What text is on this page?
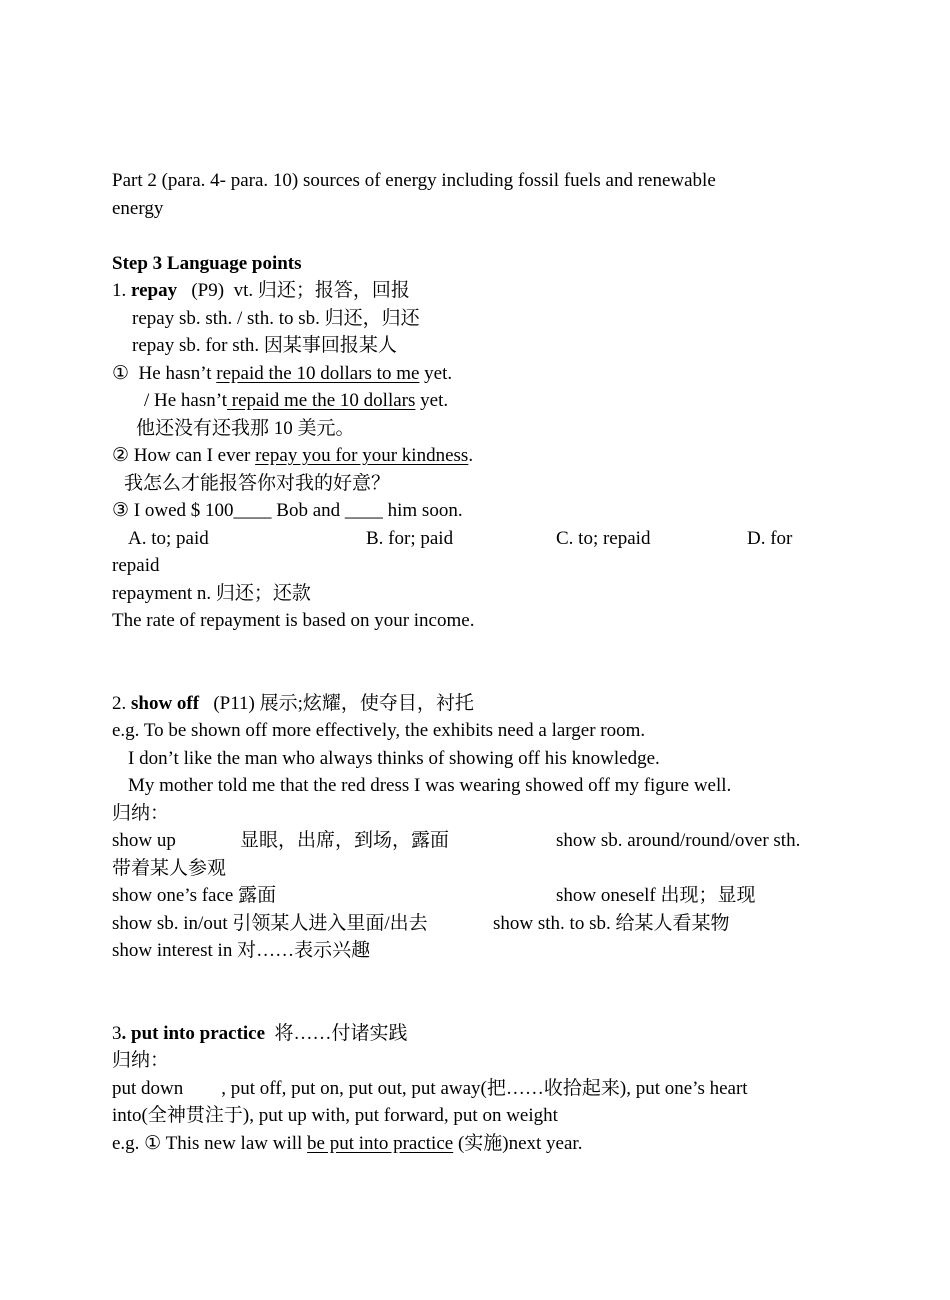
Part 2 (para. 4- para. 10) sources of energy including fossil fuels and renewable
energy
Step 3 Language points
1. repay   (P9)  vt. 归还；报答，回报
repay sb. sth. / sth. to sb. 归还，归还
repay sb. for sth. 因某事回报某人
①  He hasn’t repaid the 10 dollars to me yet.
/ He hasn’t repaid me the 10 dollars yet.
他还没有还我那 10 美元。
② How can I ever repay you for your kindness.
我怎么才能报答你对我的好意？
③ I owed $ 100____ Bob and ____ him soon.
A. to; paid	B. for; paid	C. to; repaid	D. for
repaid
repayment n. 归还；还款
The rate of repayment is based on your income.
2. show off   (P11) 展示;炫耀，使夺目，衬托
e.g. To be shown off more effectively, the exhibits need a larger room.
I don’t like the man who always thinks of showing off his knowledge.
My mother told me that the red dress I was wearing showed off my figure well.
归纳：
show up	显眼，出席，到场，露面	show sb. around/round/over sth.
带着某人参观
show one’s face 露面	show oneself 出现；显现
show sb. in/out 引领某人进入里面/出去	show sth. to sb. 给某人看某物
show interest in 对……表示兴趣
3. put into practice  将……付诸实践
归纳：
put down        , put off, put on, put out, put away(把……收拾起来), put one’s heart
into(全神贯注于), put up with, put forward, put on weight
e.g. ① This new law will be put into practice (实施)next year.
